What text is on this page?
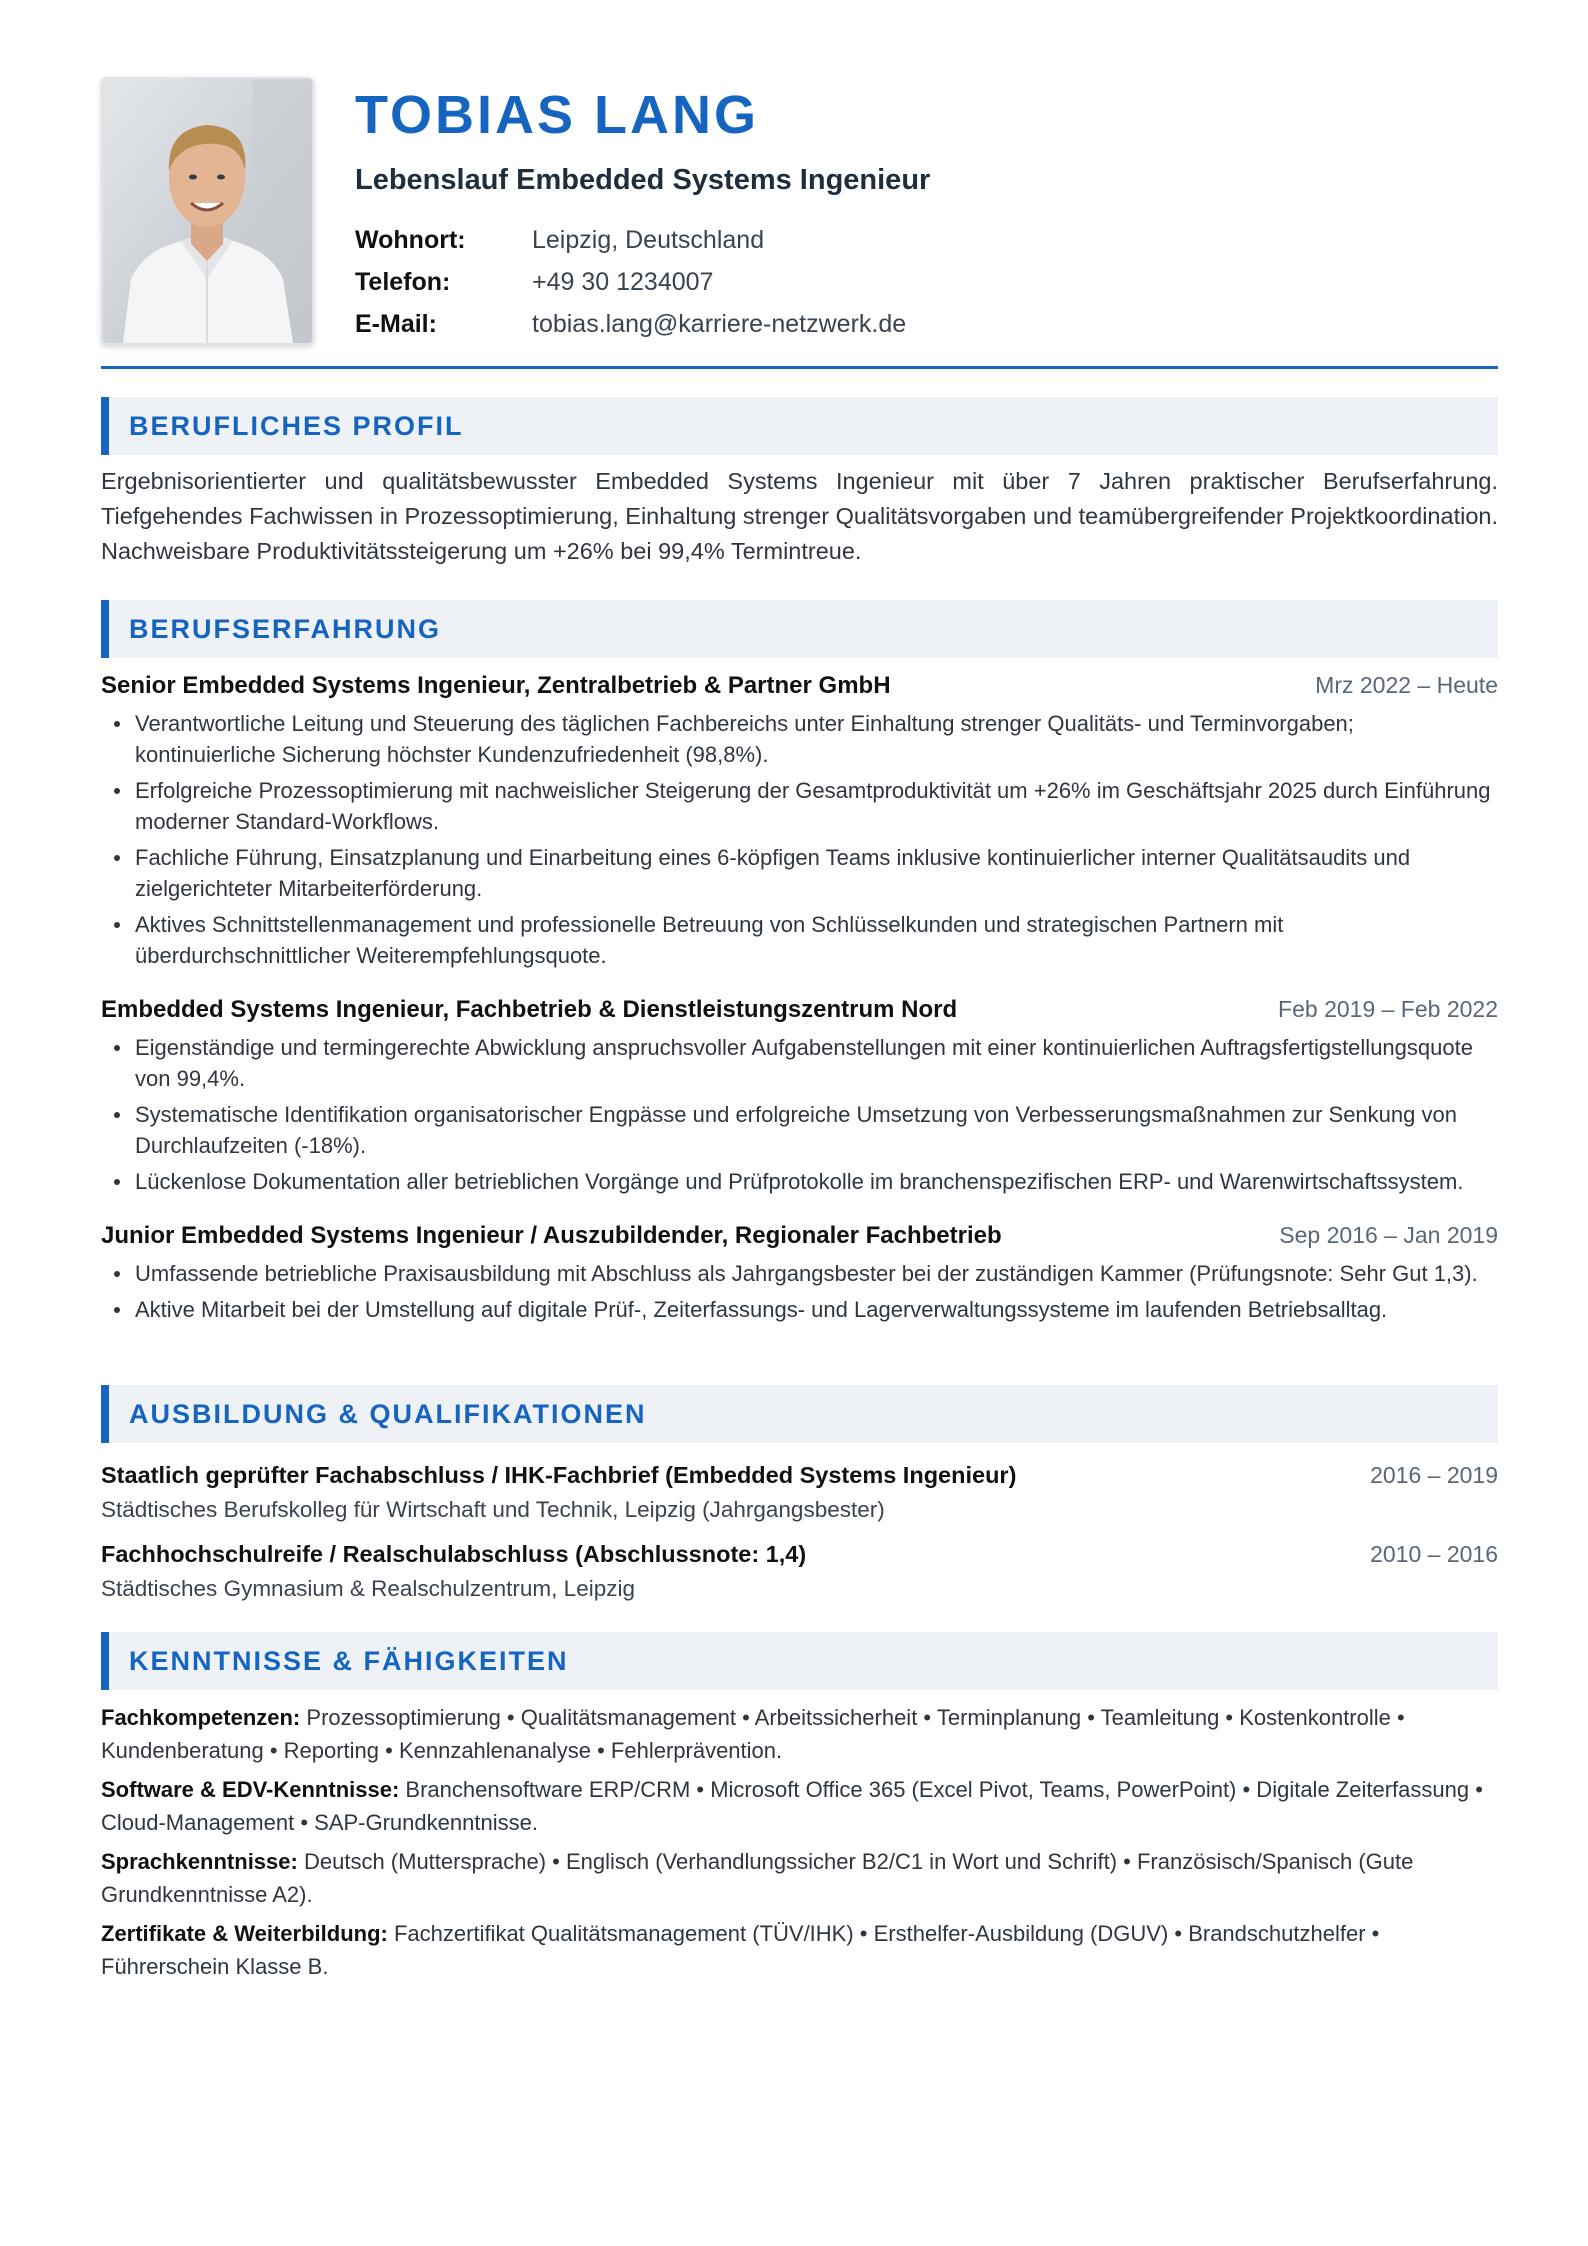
TOBIAS LANG
Lebenslauf Embedded Systems Ingenieur
Wohnort:	Leipzig, Deutschland
Telefon:	+49 30 1234007
E-Mail:	tobias.lang@karriere-netzwerk.de
BERUFLICHES PROFIL
Ergebnisorientierter und qualitätsbewusster Embedded Systems Ingenieur mit über 7 Jahren praktischer Berufserfahrung. Tiefgehendes Fachwissen in Prozessoptimierung, Einhaltung strenger Qualitätsvorgaben und teamübergreifender Projektkoordination. Nachweisbare Produktivitätssteigerung um +26% bei 99,4% Termintreue.
BERUFSERFAHRUNG
Senior Embedded Systems Ingenieur, Zentralbetrieb & Partner GmbH	Mrz 2022 – Heute
Verantwortliche Leitung und Steuerung des täglichen Fachbereichs unter Einhaltung strenger Qualitäts- und Terminvorgaben; kontinuierliche Sicherung höchster Kundenzufriedenheit (98,8%).
Erfolgreiche Prozessoptimierung mit nachweislicher Steigerung der Gesamtproduktivität um +26% im Geschäftsjahr 2025 durch Einführung moderner Standard-Workflows.
Fachliche Führung, Einsatzplanung und Einarbeitung eines 6-köpfigen Teams inklusive kontinuierlicher interner Qualitätsaudits und zielgerichteter Mitarbeiterförderung.
Aktives Schnittstellenmanagement und professionelle Betreuung von Schlüsselkunden und strategischen Partnern mit überdurchschnittlicher Weiterempfehlungsquote.
Embedded Systems Ingenieur, Fachbetrieb & Dienstleistungszentrum Nord	Feb 2019 – Feb 2022
Eigenständige und termingerechte Abwicklung anspruchsvoller Aufgabenstellungen mit einer kontinuierlichen Auftragsfertigstellungsquote von 99,4%.
Systematische Identifikation organisatorischer Engpässe und erfolgreiche Umsetzung von Verbesserungsmaßnahmen zur Senkung von Durchlaufzeiten (-18%).
Lückenlose Dokumentation aller betrieblichen Vorgänge und Prüfprotokolle im branchenspezifischen ERP- und Warenwirtschaftssystem.
Junior Embedded Systems Ingenieur / Auszubildender, Regionaler Fachbetrieb	Sep 2016 – Jan 2019
Umfassende betriebliche Praxisausbildung mit Abschluss als Jahrgangsbester bei der zuständigen Kammer (Prüfungsnote: Sehr Gut 1,3).
Aktive Mitarbeit bei der Umstellung auf digitale Prüf-, Zeiterfassungs- und Lagerverwaltungssysteme im laufenden Betriebsalltag.
AUSBILDUNG & QUALIFIKATIONEN
Staatlich geprüfter Fachabschluss / IHK-Fachbrief (Embedded Systems Ingenieur)	2016 – 2019
Städtisches Berufskolleg für Wirtschaft und Technik, Leipzig (Jahrgangsbester)
Fachhochschulreife / Realschulabschluss (Abschlussnote: 1,4)	2010 – 2016
Städtisches Gymnasium & Realschulzentrum, Leipzig
KENNTNISSE & FÄHIGKEITEN
Fachkompetenzen: Prozessoptimierung • Qualitätsmanagement • Arbeitssicherheit • Terminplanung • Teamleitung • Kostenkontrolle • Kundenberatung • Reporting • Kennzahlenanalyse • Fehlerprävention.
Software & EDV-Kenntnisse: Branchensoftware ERP/CRM • Microsoft Office 365 (Excel Pivot, Teams, PowerPoint) • Digitale Zeiterfassung • Cloud-Management • SAP-Grundkenntnisse.
Sprachkenntnisse: Deutsch (Muttersprache) • Englisch (Verhandlungssicher B2/C1 in Wort und Schrift) • Französisch/Spanisch (Gute Grundkenntnisse A2).
Zertifikate & Weiterbildung: Fachzertifikat Qualitätsmanagement (TÜV/IHK) • Ersthelfer-Ausbildung (DGUV) • Brandschutzhelfer • Führerschein Klasse B.
